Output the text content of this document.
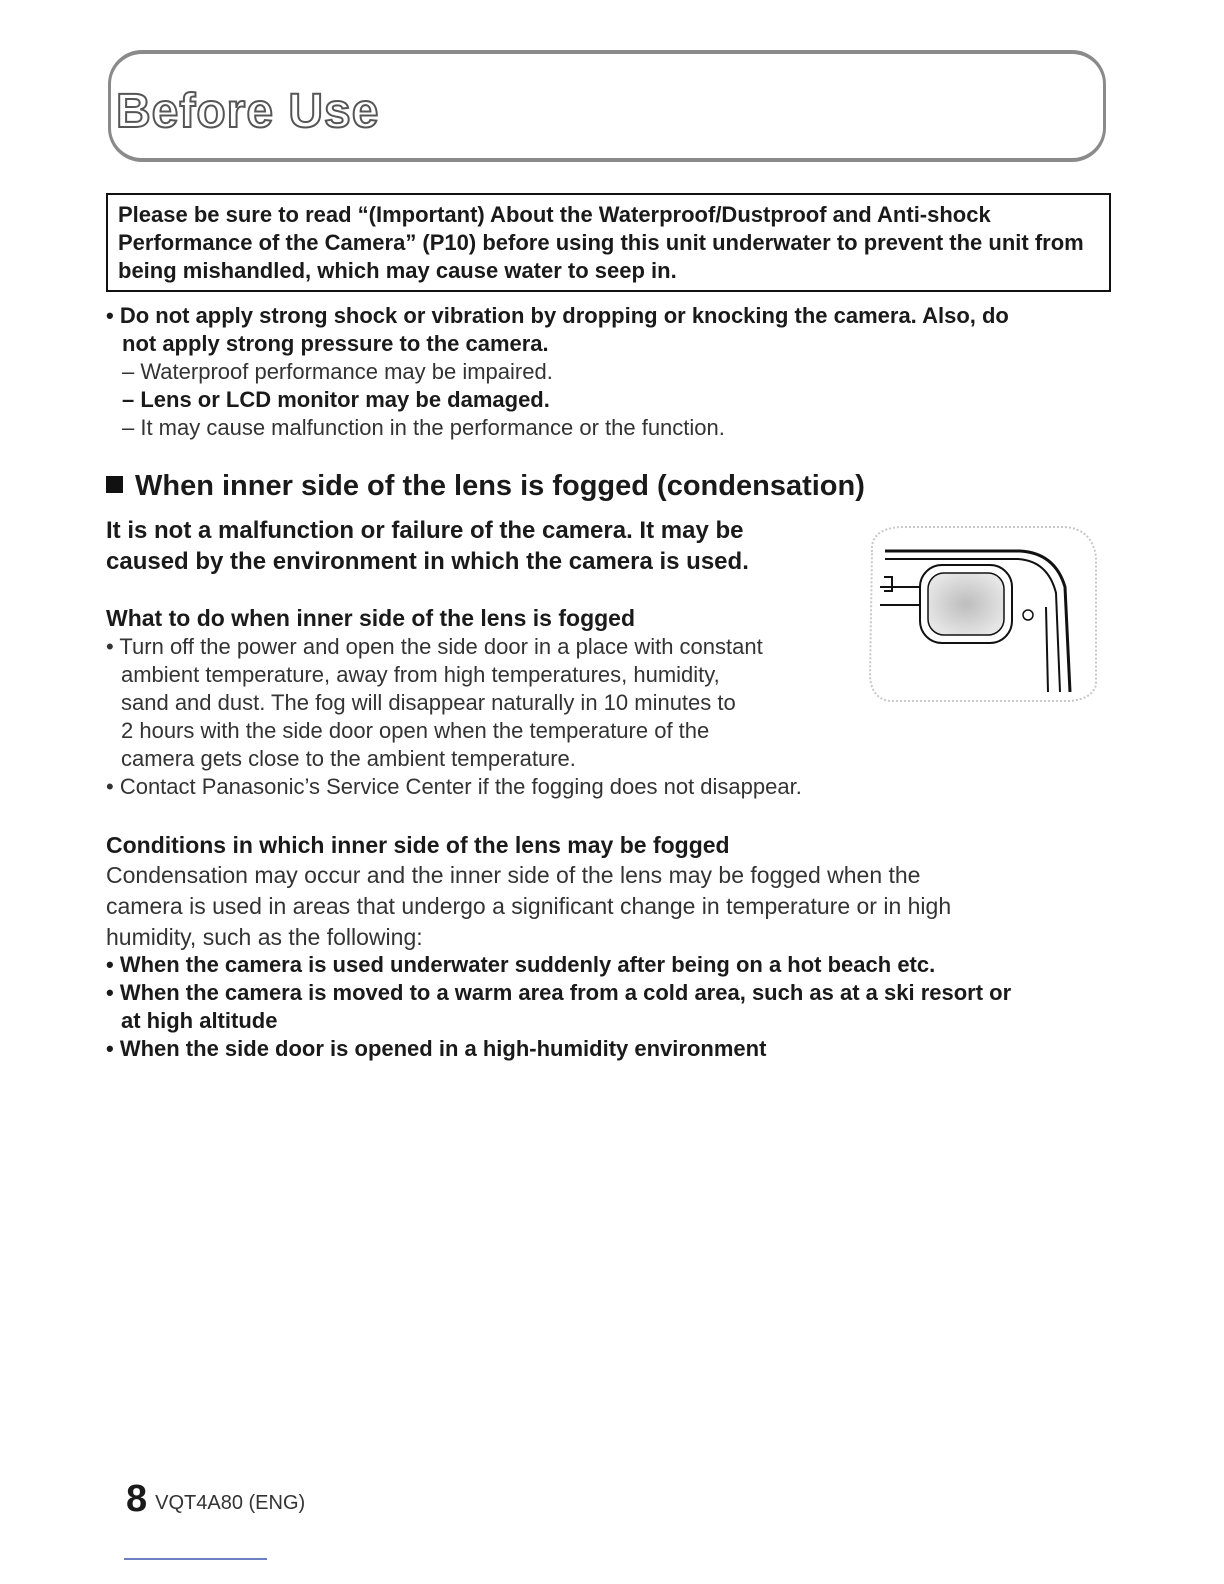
Before Use
Please be sure to read “(Important) About the Waterproof/Dustproof and Anti-shock Performance of the Camera” (P10) before using this unit underwater to prevent the unit from being mishandled, which may cause water to seep in.
• Do not apply strong shock or vibration by dropping or knocking the camera. Also, do
not apply strong pressure to the camera.
– Waterproof performance may be impaired.
– Lens or LCD monitor may be damaged.
– It may cause malfunction in the performance or the function.
When inner side of the lens is fogged (condensation)
It is not a malfunction or failure of the camera. It may be
caused by the environment in which the camera is used.
What to do when inner side of the lens is fogged
• Turn off the power and open the side door in a place with constant
ambient temperature, away from high temperatures, humidity,
sand and dust. The fog will disappear naturally in 10 minutes to
2 hours with the side door open when the temperature of the
camera gets close to the ambient temperature.
• Contact Panasonic’s Service Center if the fogging does not disappear.
Conditions in which inner side of the lens may be fogged
Condensation may occur and the inner side of the lens may be fogged when the
camera is used in areas that undergo a significant change in temperature or in high
humidity, such as the following:
• When the camera is used underwater suddenly after being on a hot beach etc.
• When the camera is moved to a warm area from a cold area, such as at a ski resort or
at high altitude
• When the side door is opened in a high-humidity environment
8 VQT4A80 (ENG)
